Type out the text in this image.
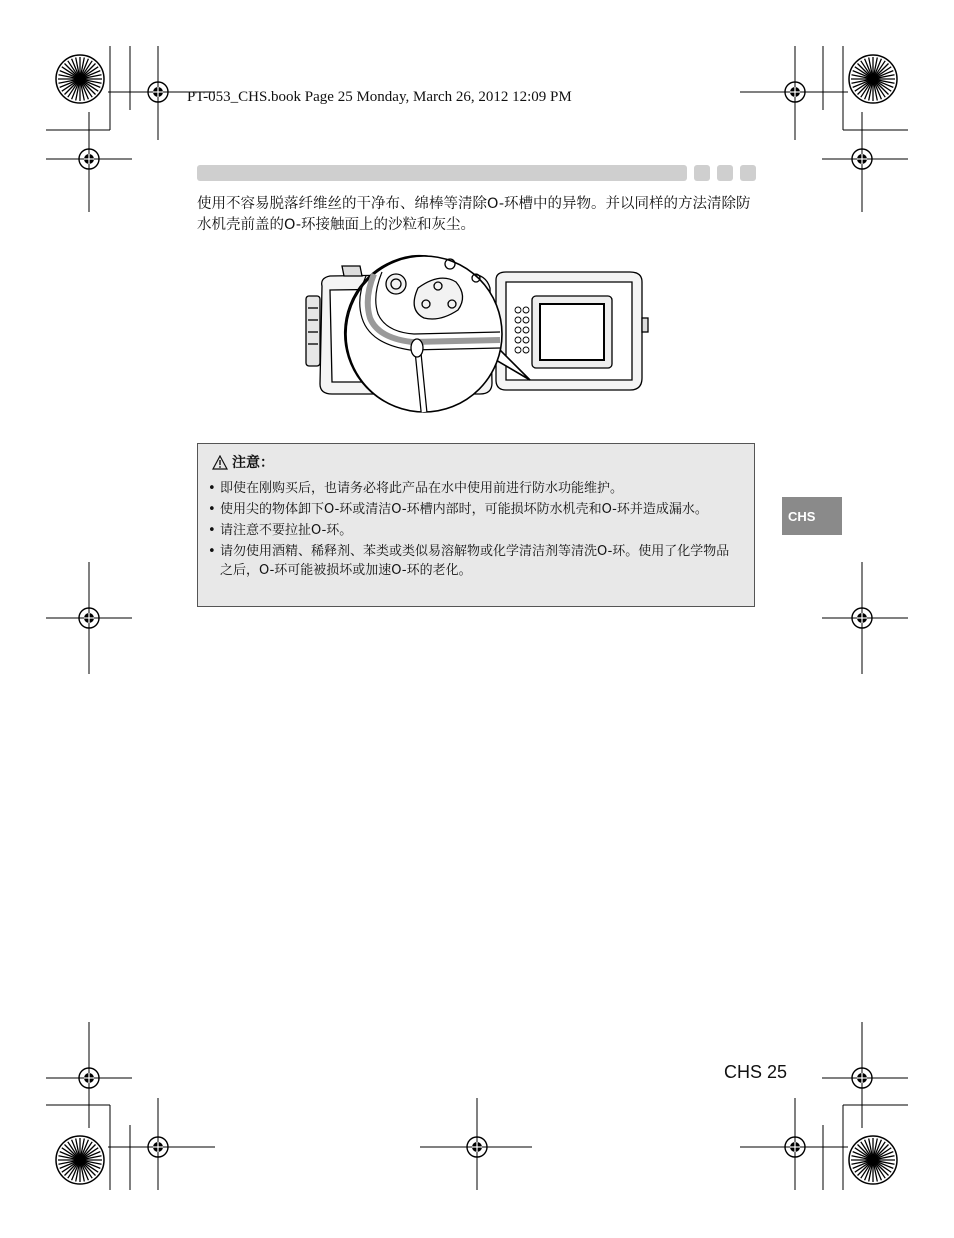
PT-053_CHS.book Page 25 Monday, March 26, 2012 12:09 PM
使用不容易脱落纤维丝的干净布、绵棒等清除O-环槽中的异物。并以同样的方法清除防水机壳前盖的O-环接触面上的沙粒和灰尘。
注意：
• 即使在刚购买后，也请务必将此产品在水中使用前进行防水功能维护。
• 使用尖的物体卸下O-环或清洁O-环槽内部时，可能损坏防水机壳和O-环并造成漏水。
• 请注意不要拉扯O-环。
• 请勿使用酒精、稀释剂、苯类或类似易溶解物或化学清洁剂等清洗O-环。使用了化学物品之后，O-环可能被损坏或加速O-环的老化。
CHS
CHS 25
